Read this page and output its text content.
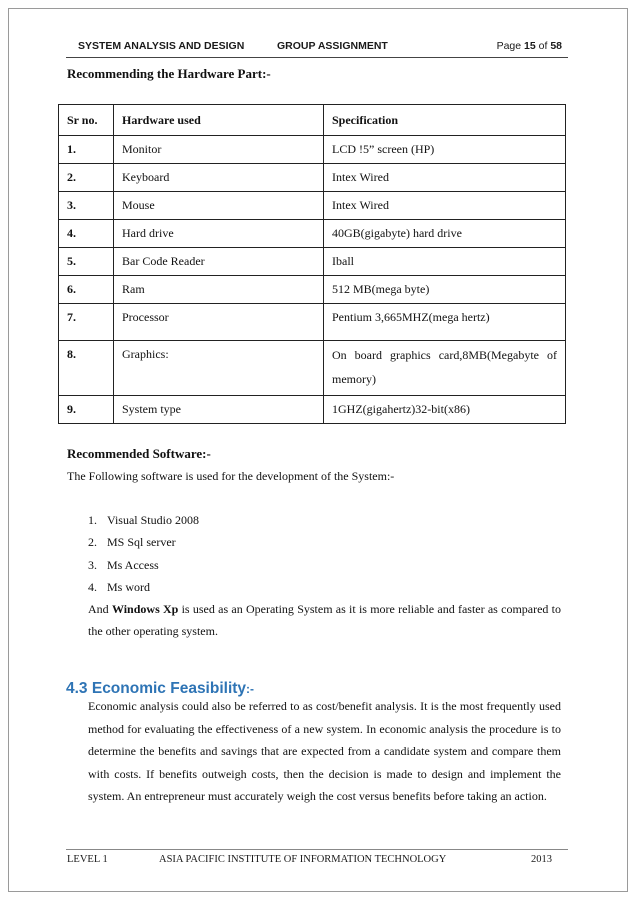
SYSTEM ANALYSIS AND DESIGN	GROUP ASSIGNMENT	Page 15 of 58
Recommending the Hardware Part:-
Sr no.	Hardware used	Specification
1.	Monitor	LCD !5” screen (HP)
2.	Keyboard	Intex Wired
3.	Mouse	Intex Wired
4.	Hard drive	40GB(gigabyte) hard drive
5.	Bar Code Reader	Iball
6.	Ram	512 MB(mega byte)
7.	Processor	Pentium 3,665MHZ(mega hertz)
8.	Graphics:	On board graphics card,8MB(Megabyte of memory)
9.	System type	1GHZ(gigahertz)32-bit(x86)
Recommended Software:-
The Following software is used for the development of the System:-
1. Visual Studio 2008
2. MS Sql server
3. Ms Access
4. Ms word
And Windows Xp is used as an Operating System as it is more reliable and faster as compared to the other operating system.
4.3 Economic Feasibility:-
Economic analysis could also be referred to as cost/benefit analysis. It is the most frequently used method for evaluating the effectiveness of a new system. In economic analysis the procedure is to determine the benefits and savings that are expected from a candidate system and compare them with costs. If benefits outweigh costs, then the decision is made to design and implement the system. An entrepreneur must accurately weigh the cost versus benefits before taking an action.
LEVEL 1	ASIA PACIFIC INSTITUTE OF INFORMATION TECHNOLOGY	2013
